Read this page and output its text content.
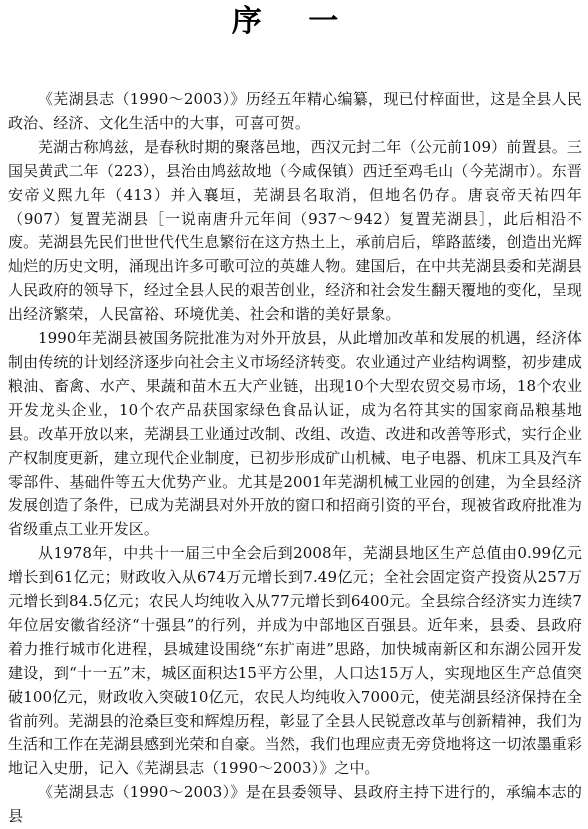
序 一

《芜湖县志（1990～2003）》历经五年精心编纂，现已付梓面世，这是全县人民政治、经济、文化生活中的大事，可喜可贺。

芜湖古称鸠兹，是春秋时期的聚落邑地，西汉元封二年（公元前109）前置县。三国吴黄武二年（223），县治由鸠兹故地（今咸保镇）西迁至鸡毛山（今芜湖市）。东晋安帝义熙九年（413）并入襄垣，芜湖县名取消，但地名仍存。唐哀帝天祐四年（907）复置芜湖县［一说南唐升元年间（937～942）复置芜湖县］，此后相沿不废。芜湖县先民们世世代代生息繁衍在这方热土上，承前启后，筚路蓝缕，创造出光辉灿烂的历史文明，涌现出许多可歌可泣的英雄人物。建国后，在中共芜湖县委和芜湖县人民政府的领导下，经过全县人民的艰苦创业，经济和社会发生翻天覆地的变化，呈现出经济繁荣，人民富裕、环境优美、社会和谐的美好景象。

1990年芜湖县被国务院批准为对外开放县，从此增加改革和发展的机遇，经济体制由传统的计划经济逐步向社会主义市场经济转变。农业通过产业结构调整，初步建成粮油、畜禽、水产、果蔬和苗木五大产业链，出现10个大型农贸交易市场，18个农业开发龙头企业，10个农产品获国家绿色食品认证，成为名符其实的国家商品粮基地县。改革开放以来，芜湖县工业通过改制、改组、改造、改进和改善等形式，实行企业产权制度更新，建立现代企业制度，已初步形成矿山机械、电子电器、机床工具及汽车零部件、基础件等五大优势产业。尤其是2001年芜湖机械工业园的创建，为全县经济发展创造了条件，已成为芜湖县对外开放的窗口和招商引资的平台，现被省政府批准为省级重点工业开发区。

从1978年，中共十一届三中全会后到2008年，芜湖县地区生产总值由0.99亿元增长到61亿元；财政收入从674万元增长到7.49亿元；全社会固定资产投资从257万元增长到84.5亿元；农民人均纯收入从77元增长到6400元。全县综合经济实力连续7年位居安徽省经济“十强县”的行列，并成为中部地区百强县。近年来，县委、县政府着力推行城市化进程，县城建设围绕“东扩南进”思路，加快城南新区和东湖公园开发建设，到“十一五”末，城区面积达15平方公里，人口达15万人，实现地区生产总值突破100亿元，财政收入突破10亿元，农民人均纯收入7000元，使芜湖县经济保持在全省前列。芜湖县的沧桑巨变和辉煌历程，彰显了全县人民锐意改革与创新精神，我们为生活和工作在芜湖县感到光荣和自豪。当然，我们也理应责无旁贷地将这一切浓墨重彩地记入史册，记入《芜湖县志（1990～2003）》之中。

《芜湖县志（1990～2003）》是在县委领导、县政府主持下进行的，承编本志的县
